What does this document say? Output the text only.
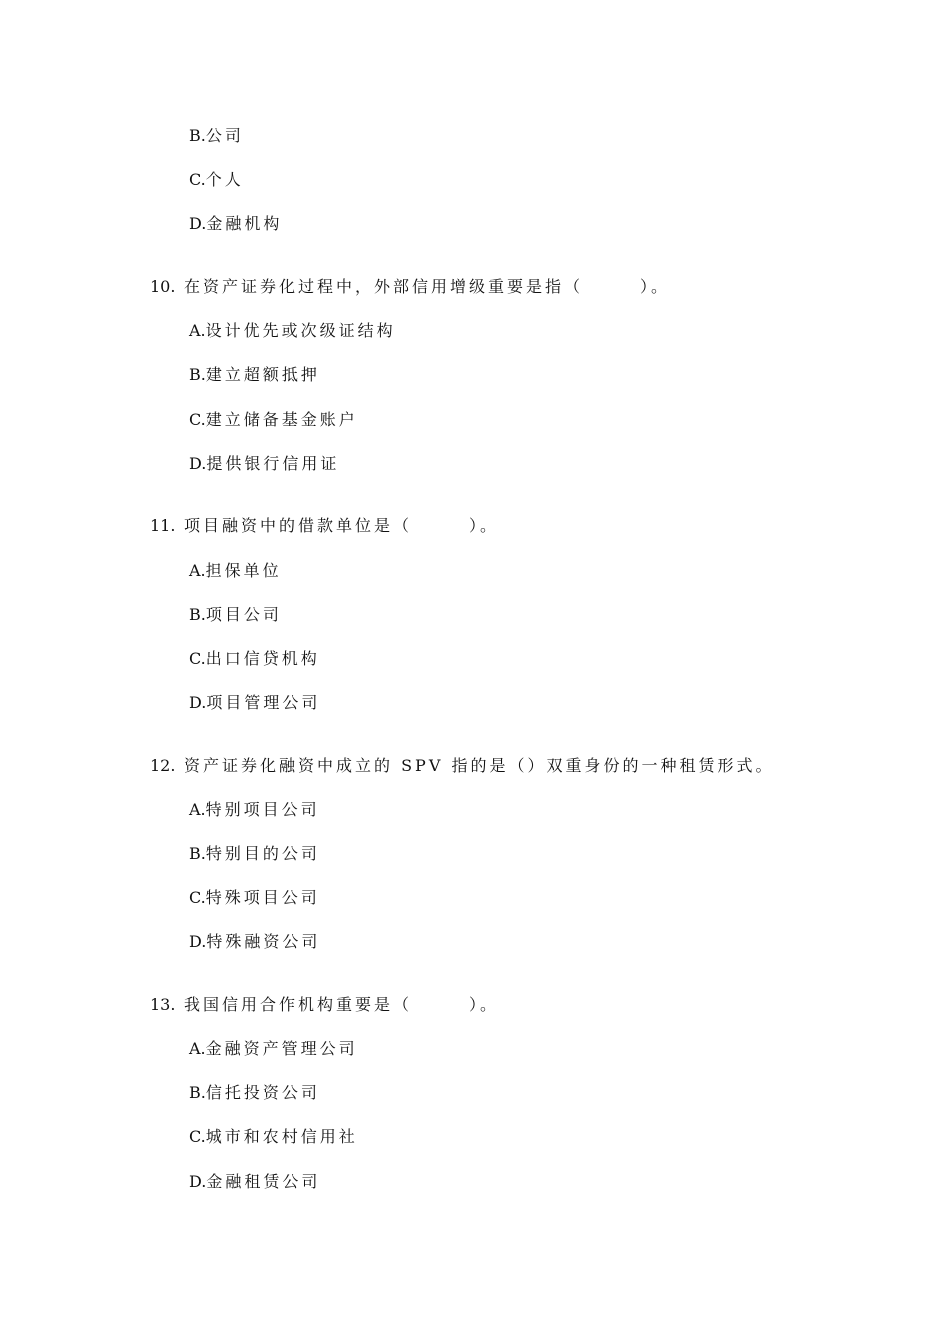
B.公司
C.个人
D.金融机构
10. 在资产证券化过程中，外部信用增级重要是指（　　　）。
A.设计优先或次级证结构
B.建立超额抵押
C.建立储备基金账户
D.提供银行信用证
11. 项目融资中的借款单位是（　　　）。
A.担保单位
B.项目公司
C.出口信贷机构
D.项目管理公司
12. 资产证券化融资中成立的 SPV 指的是（）双重身份的一种租赁形式。
A.特别项目公司
B.特别目的公司
C.特殊项目公司
D.特殊融资公司
13. 我国信用合作机构重要是（　　　）。
A.金融资产管理公司
B.信托投资公司
C.城市和农村信用社
D.金融租赁公司
